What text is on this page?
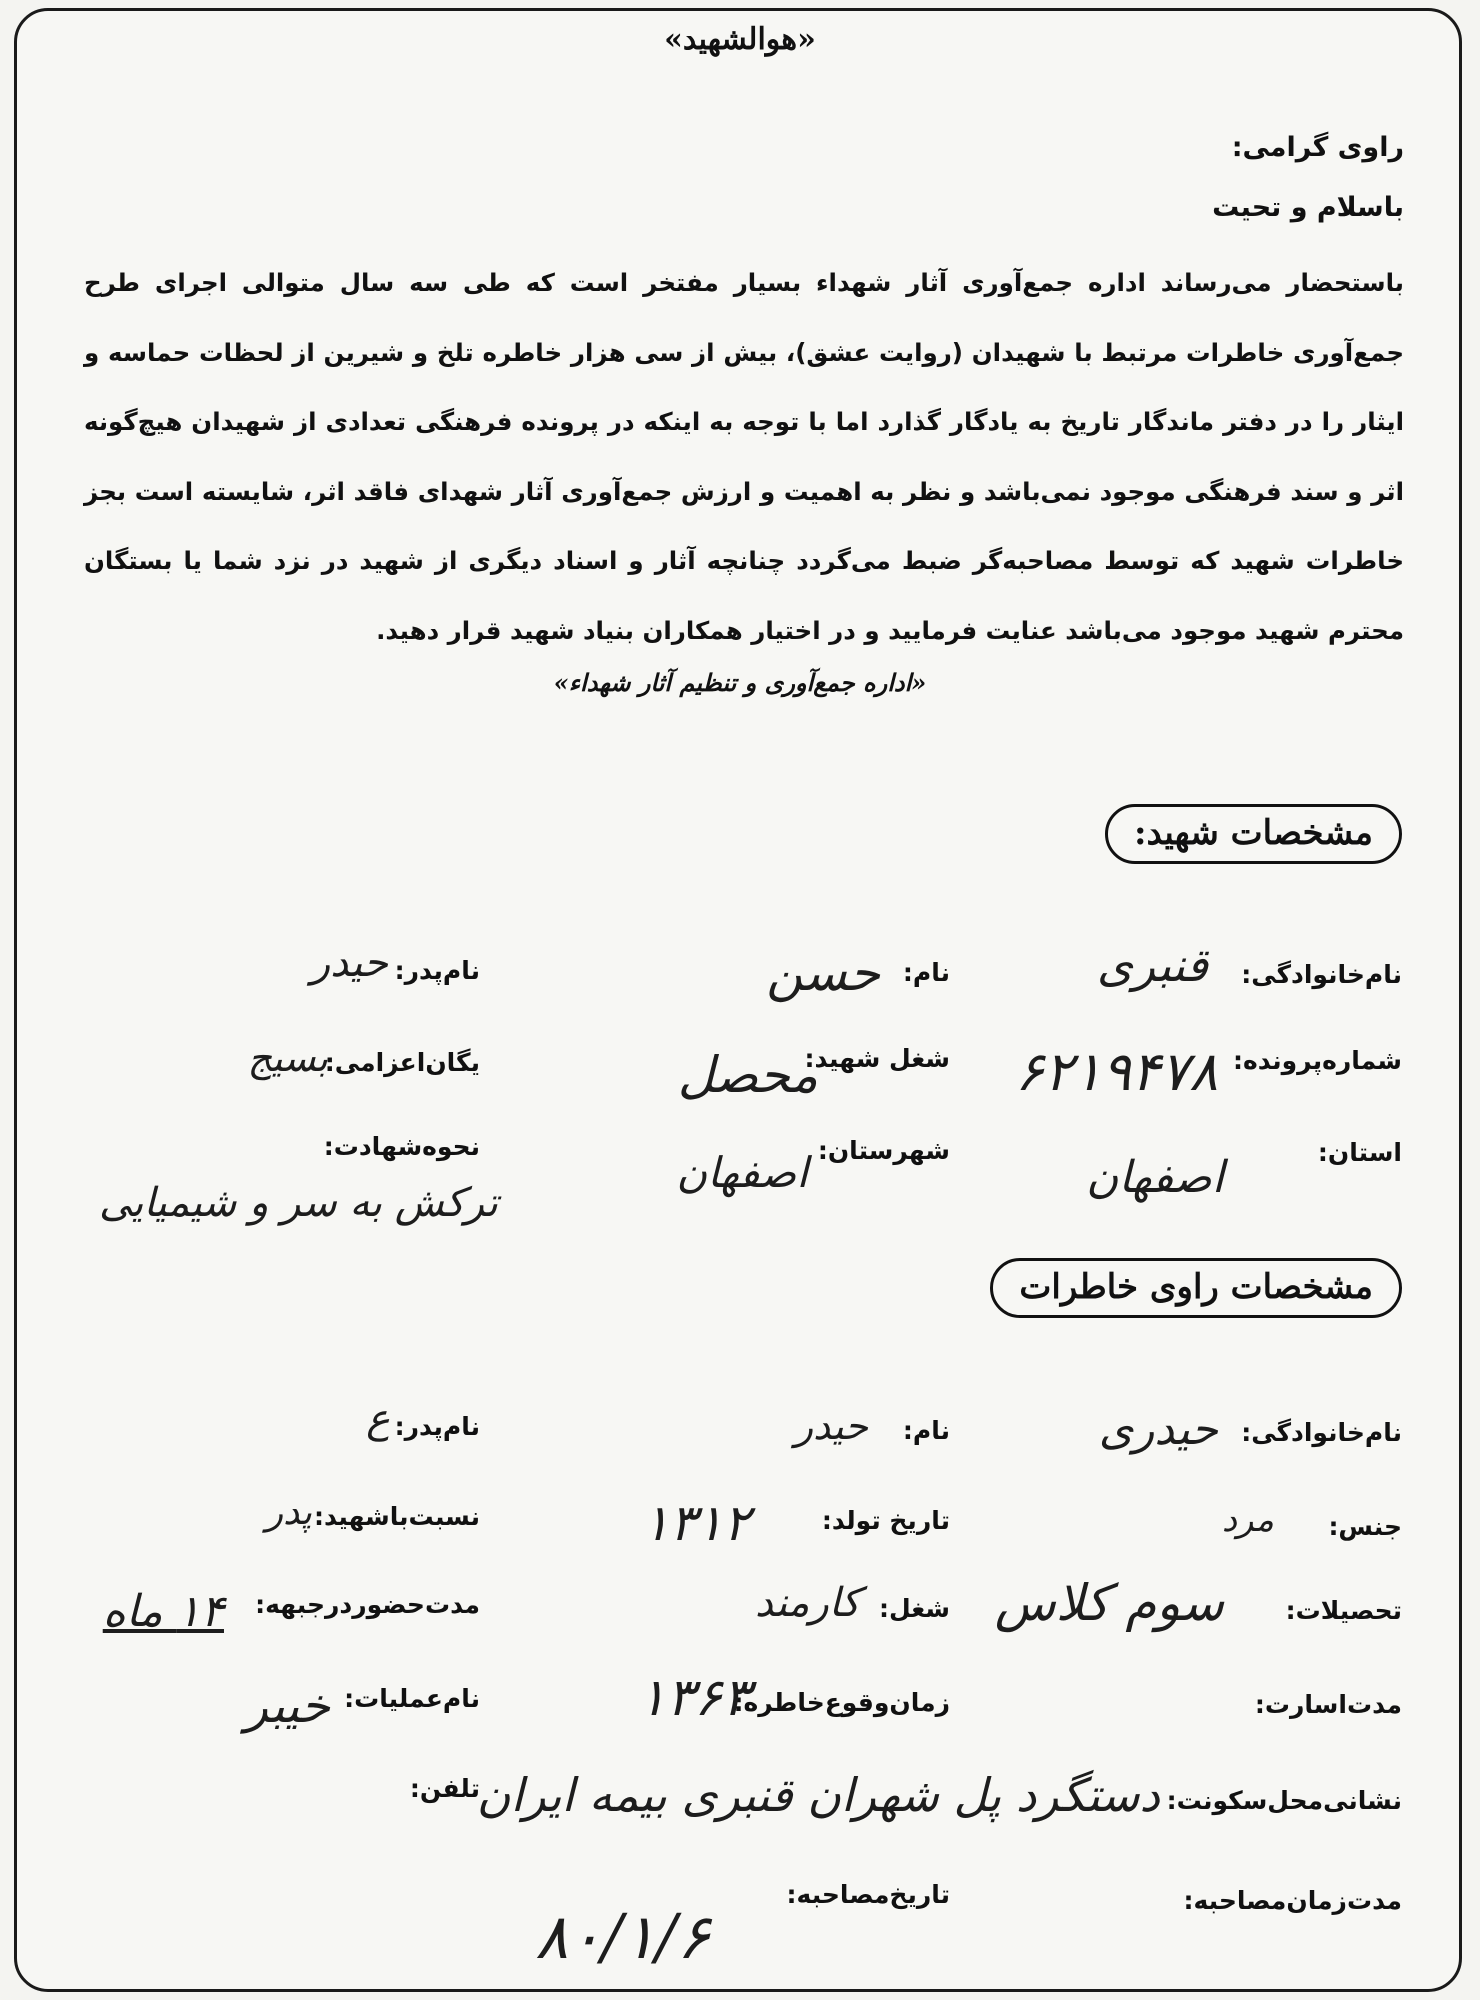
«هوالشهید»
راوی گرامی:
باسلام و تحیت
باستحضار می‌رساند اداره جمع‌آوری آثار شهداء بسیار مفتخر است که طی سه سال متوالی اجرای طرح جمع‌آوری خاطرات مرتبط با شهیدان (روایت عشق)، بیش از سی هزار خاطره تلخ و شیرین از لحظات حماسه و ایثار را در دفتر ماندگار تاریخ به یادگار گذارد اما با توجه به اینکه در پرونده فرهنگی تعدادی از شهیدان هیچ‌گونه اثر و سند فرهنگی موجود نمی‌باشد و نظر به اهمیت و ارزش جمع‌آوری آثار شهدای فاقد اثر، شایسته است بجز خاطرات شهید که توسط مصاحبه‌گر ضبط می‌گردد چنانچه آثار و اسناد دیگری از شهید در نزد شما یا بستگان محترم شهید موجود می‌باشد عنایت فرمایید و در اختیار همکاران بنیاد شهید قرار دهید.
«اداره جمع‌آوری و تنظیم آثار شهداء»
مشخصات شهید:
نام‌خانوادگی:
قنبری
نام:
حسن
نام‌پدر:
حیدر
شماره‌پرونده:
۶۲۱۹۴۷۸
شغل شهید:
محصل
یگان‌اعزامی:
بسیج
استان:
اصفهان
شهرستان:
اصفهان
نحوه‌شهادت:
ترکش به سر و شیمیایی
مشخصات راوی خاطرات
نام‌خانوادگی:
حیدری
نام:
حیدر
نام‌پدر:
ع
جنس:
مرد
تاریخ تولد:
۱۳۱۲
نسبت‌با‌شهید:
پدر
تحصیلات:
سوم کلاس
شغل:
کارمند
مدت‌حضور‌در‌جبهه:
۱۴ ماه
مدت‌اسارت:
زمان‌وقوع‌خاطره:
۱۳۶۳
نام‌عملیات:
خیبر
نشانی‌محل‌سکونت:
دستگرد پل شهران قنبری بیمه ایران
تلفن:
مدت‌زمان‌مصاحبه:
تاریخ‌مصاحبه:
۸۰/۱/۶
